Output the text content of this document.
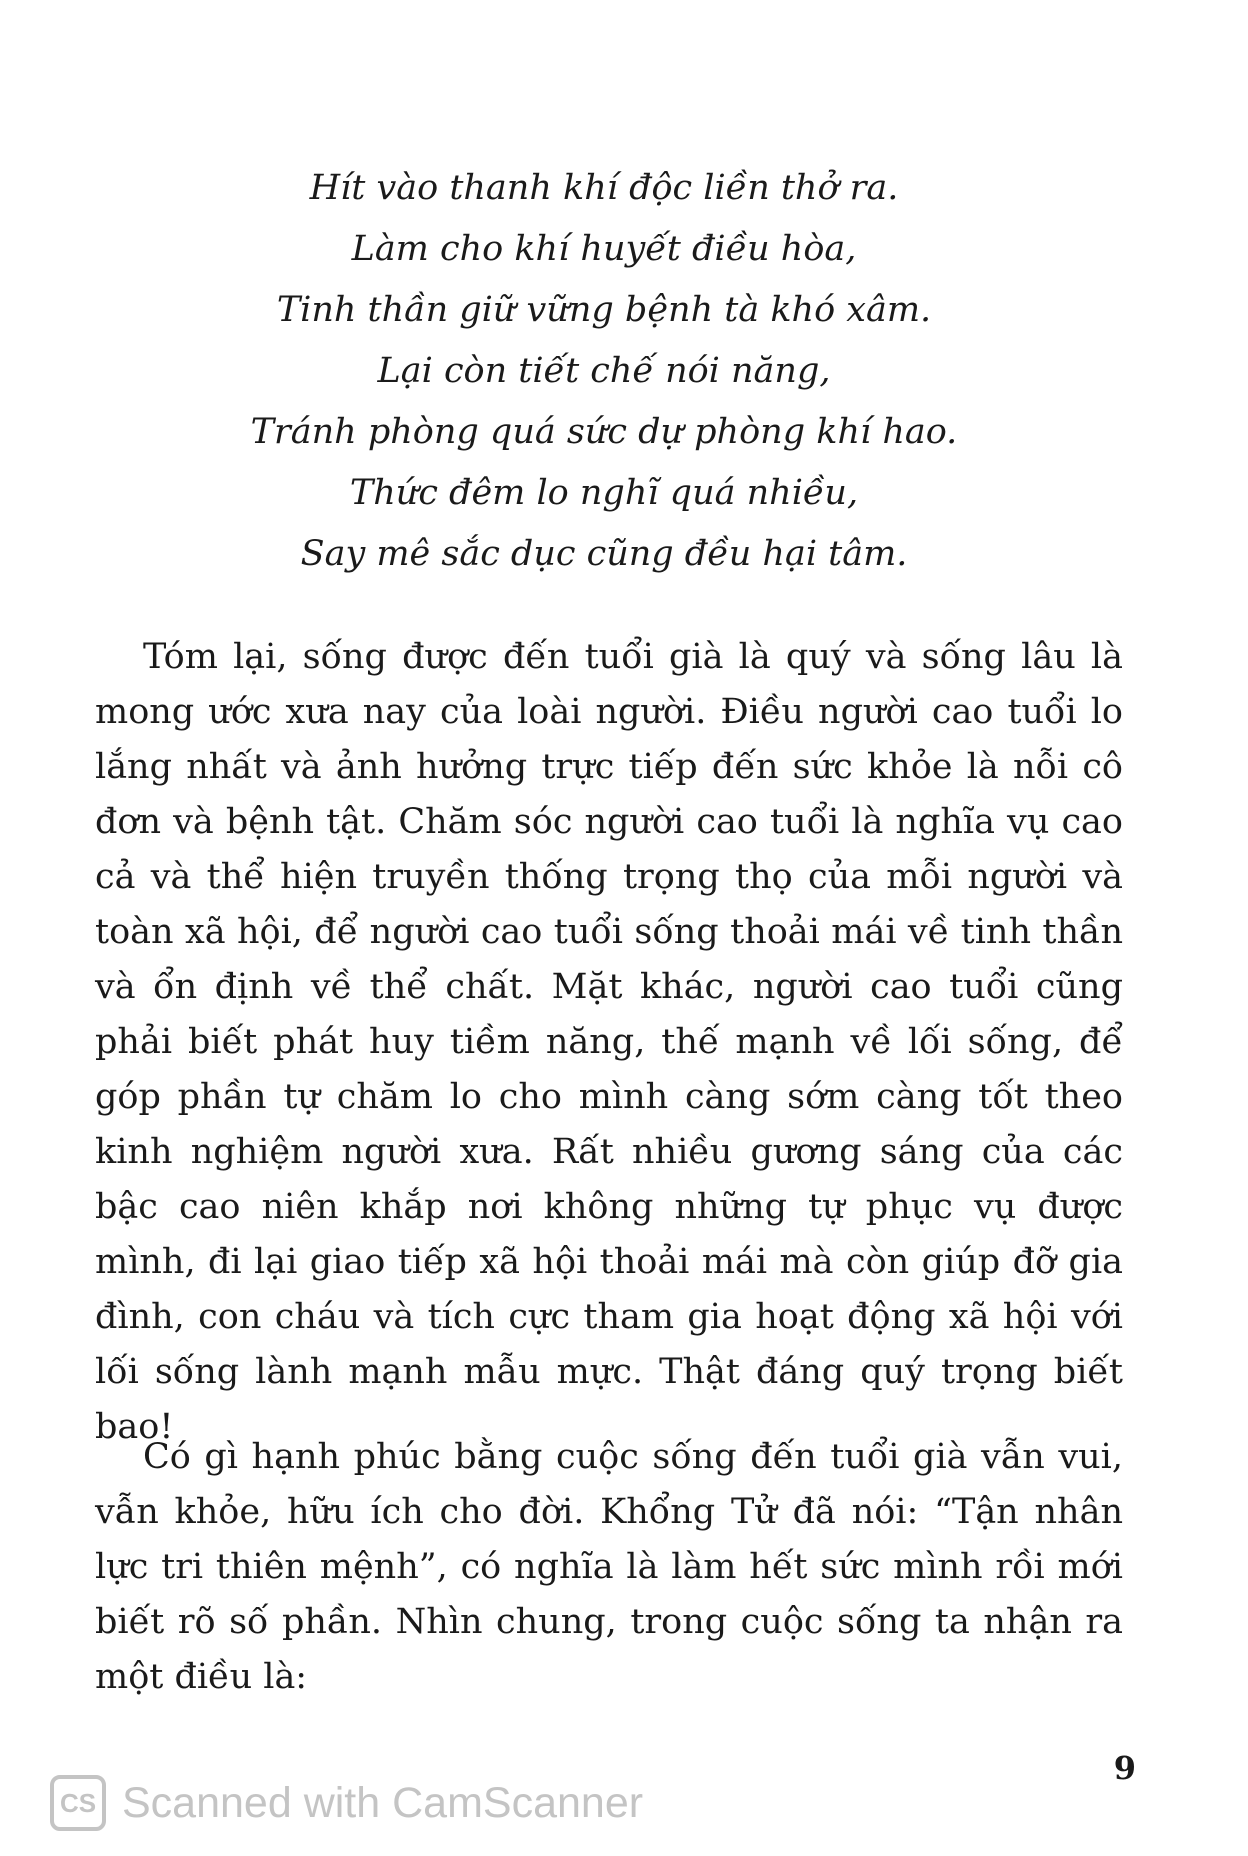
Hít vào thanh khí độc liền thở ra.
Làm cho khí huyết điều hòa,
Tinh thần giữ vững bệnh tà khó xâm.
Lại còn tiết chế nói năng,
Tránh phòng quá sức dự phòng khí hao.
Thức đêm lo nghĩ quá nhiều,
Say mê sắc dục cũng đều hại tâm.

Tóm lại, sống được đến tuổi già là quý và sống lâu là mong ước xưa nay của loài người. Điều người cao tuổi lo lắng nhất và ảnh hưởng trực tiếp đến sức khỏe là nỗi cô đơn và bệnh tật. Chăm sóc người cao tuổi là nghĩa vụ cao cả và thể hiện truyền thống trọng thọ của mỗi người và toàn xã hội, để người cao tuổi sống thoải mái về tinh thần và ổn định về thể chất. Mặt khác, người cao tuổi cũng phải biết phát huy tiềm năng, thế mạnh về lối sống, để góp phần tự chăm lo cho mình càng sớm càng tốt theo kinh nghiệm người xưa. Rất nhiều gương sáng của các bậc cao niên khắp nơi không những tự phục vụ được mình, đi lại giao tiếp xã hội thoải mái mà còn giúp đỡ gia đình, con cháu và tích cực tham gia hoạt động xã hội với lối sống lành mạnh mẫu mực. Thật đáng quý trọng biết bao!

Có gì hạnh phúc bằng cuộc sống đến tuổi già vẫn vui, vẫn khỏe, hữu ích cho đời. Khổng Tử đã nói: “Tận nhân lực tri thiên mệnh”, có nghĩa là làm hết sức mình rồi mới biết rõ số phần. Nhìn chung, trong cuộc sống ta nhận ra một điều là:

9
CS Scanned with CamScanner
